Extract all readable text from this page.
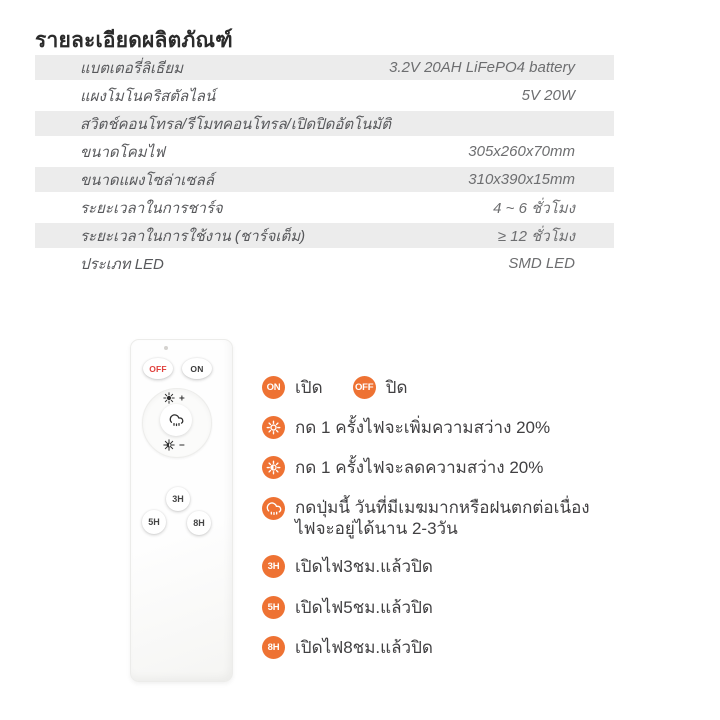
รายละเอียดผลิตภัณฑ์
แบตเตอรี่ลิเธียม	3.2V 20AH LiFePO4 battery
แผงโมโนคริสตัลไลน์	5V 20W
สวิตช์คอนโทรล/รีโมทคอนโทรล/เปิดปิดอัตโนมัติ
ขนาดโคมไฟ	305x260x70mm
ขนาดแผงโซล่าเซลล์	310x390x15mm
ระยะเวลาในการชาร์จ	4 ~ 6 ชั่วโมง
ระยะเวลาในการใช้งาน (ชาร์จเต็ม)	≥ 12 ชั่วโมง
ประเภท LED	SMD LED
OFF	ON
3H
5H	8H
ON เปิด	OFF ปิด
กด 1 ครั้งไฟจะเพิ่มความสว่าง 20%
กด 1 ครั้งไฟจะลดความสว่าง 20%
กดปุ่มนี้ วันที่มีเมฆมากหรือฝนตกต่อเนื่อง
ไฟจะอยู่ได้นาน 2-3วัน
3H เปิดไฟ3ชม.แล้วปิด
5H เปิดไฟ5ชม.แล้วปิด
8H เปิดไฟ8ชม.แล้วปิด
